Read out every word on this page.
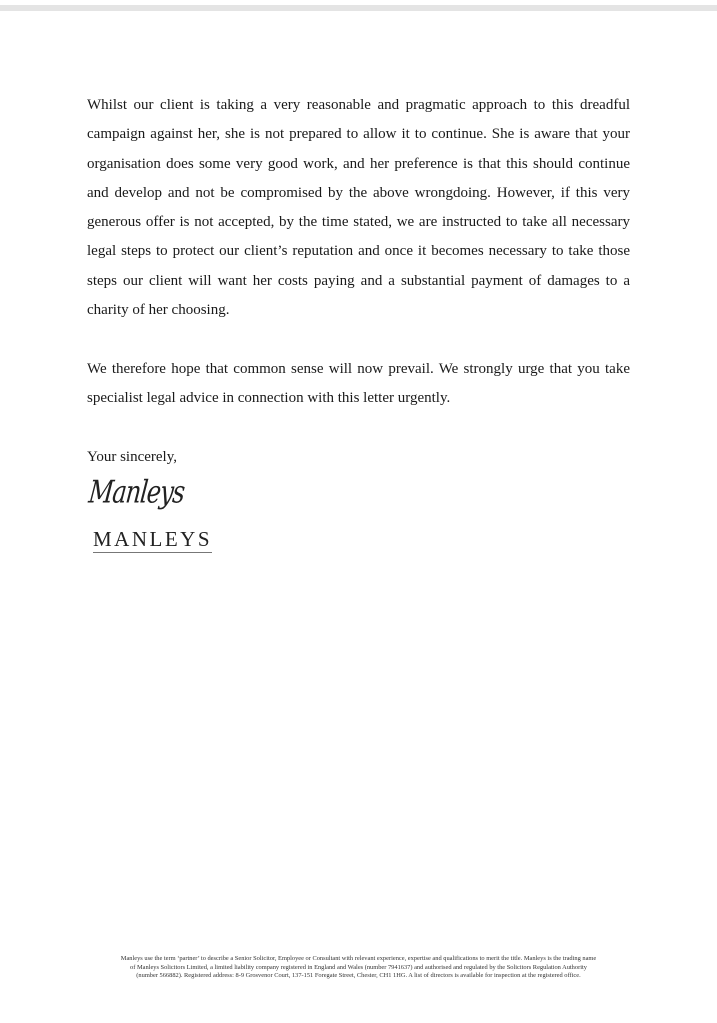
Whilst our client is taking a very reasonable and pragmatic approach to this dreadful campaign against her, she is not prepared to allow it to continue. She is aware that your organisation does some very good work, and her preference is that this should continue and develop and not be compromised by the above wrongdoing. However, if this very generous offer is not accepted, by the time stated, we are instructed to take all necessary legal steps to protect our client’s reputation and once it becomes necessary to take those steps our client will want her costs paying and a substantial payment of damages to a charity of her choosing.

We therefore hope that common sense will now prevail. We strongly urge that you take specialist legal advice in connection with this letter urgently.

Your sincerely,

Manleys
MANLEYS

Manleys use the term ‘partner’ to describe a Senior Solicitor, Employee or Consultant with relevant experience, expertise and qualifications to merit the title. Manleys is the trading name

of Manleys Solicitors Limited, a limited liability company registered in England and Wales (number 7941637) and authorised and regulated by the Solicitors Regulation Authority

(number 566882). Registered address: 8-9 Grosvenor Court, 137-151 Foregate Street, Chester, CH1 1HG. A list of directors is available for inspection at the registered office.
